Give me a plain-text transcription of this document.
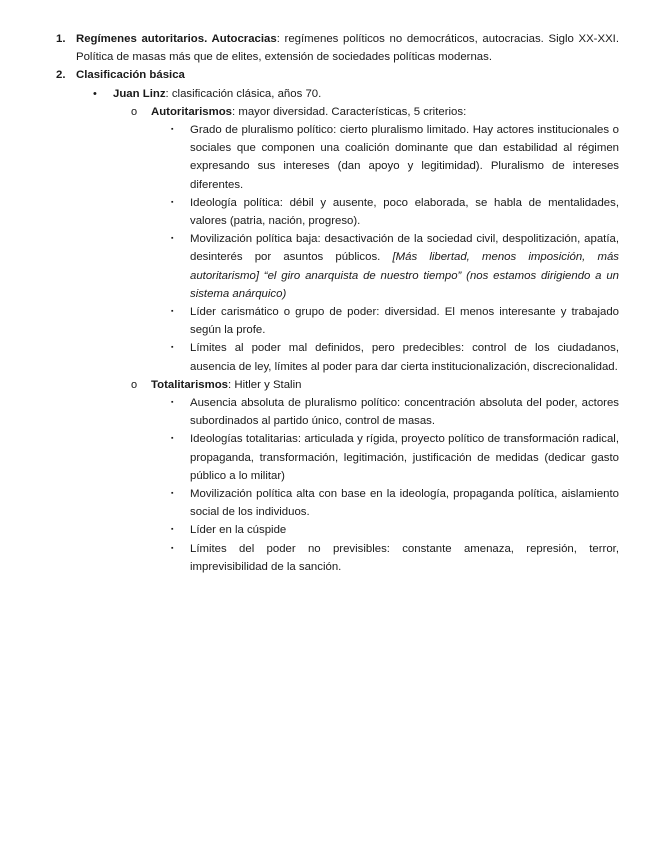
1. Regímenes autoritarios. Autocracias: regímenes políticos no democráticos, autocracias. Siglo XX-XXI. Política de masas más que de elites, extensión de sociedades políticas modernas.
2. Clasificación básica
• Juan Linz: clasificación clásica, años 70.
o Autoritarismos: mayor diversidad. Características, 5 criterios:
▪ Grado de pluralismo político: cierto pluralismo limitado. Hay actores institucionales o sociales que componen una coalición dominante que dan estabilidad al régimen expresando sus intereses (dan apoyo y legitimidad). Pluralismo de intereses diferentes.
▪ Ideología política: débil y ausente, poco elaborada, se habla de mentalidades, valores (patria, nación, progreso).
▪ Movilización política baja: desactivación de la sociedad civil, despolitización, apatía, desinterés por asuntos públicos. [Más libertad, menos imposición, más autoritarismo] “el giro anarquista de nuestro tiempo” (nos estamos dirigiendo a un sistema anárquico)
▪ Líder carismático o grupo de poder: diversidad. El menos interesante y trabajado según la profe.
▪ Límites al poder mal definidos, pero predecibles: control de los ciudadanos, ausencia de ley, límites al poder para dar cierta institucionalización, discrecionalidad.
o Totalitarismos: Hitler y Stalin
▪ Ausencia absoluta de pluralismo político: concentración absoluta del poder, actores subordinados al partido único, control de masas.
▪ Ideologías totalitarias: articulada y rígida, proyecto político de transformación radical, propaganda, transformación, legitimación, justificación de medidas (dedicar gasto público a lo militar)
▪ Movilización política alta con base en la ideología, propaganda política, aislamiento social de los individuos.
▪ Líder en la cúspide
▪ Límites del poder no previsibles: constante amenaza, represión, terror, imprevisibilidad de la sanción.
